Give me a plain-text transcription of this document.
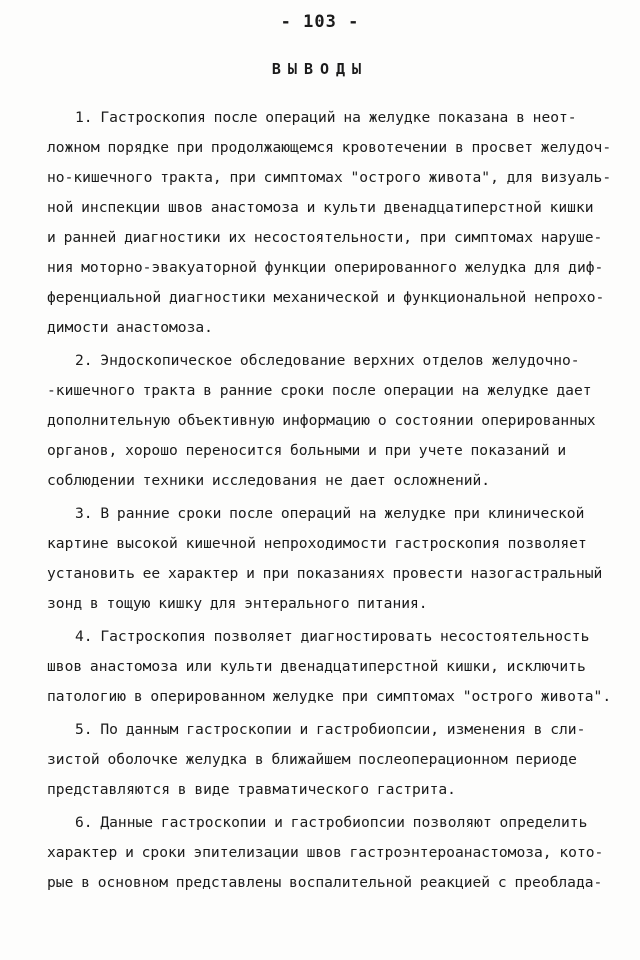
- 103 -
ВЫВОДЫ
1. Гастроскопия после операций на желудке показана в неот-
ложном порядке при продолжающемся кровотечении в просвет желудоч-
но-кишечного тракта, при симптомах "острого живота", для визуаль-
ной инспекции швов анастомоза и культи двенадцатиперстной кишки
и ранней диагностики их несостоятельности, при симптомах наруше-
ния моторно-эвакуаторной функции оперированного желудка для диф-
ференциальной диагностики механической и функциональной непрохо-
димости анастомоза.
2. Эндоскопическое обследование верхних отделов желудочно-
-кишечного тракта в ранние сроки после операции на желудке дает
дополнительную объективную информацию о состоянии оперированных
органов, хорошо переносится больными и при учете показаний и
соблюдении техники исследования не дает осложнений.
3. В ранние сроки после операций на желудке при клинической
картине высокой кишечной непроходимости гастроскопия позволяет
установить ее характер и при показаниях провести назогастральный
зонд в тощую кишку для энтерального питания.
4. Гастроскопия позволяет диагностировать несостоятельность
швов анастомоза или культи двенадцатиперстной кишки, исключить
патологию в оперированном желудке при симптомах "острого живота".
5. По данным гастроскопии и гастробиопсии, изменения в сли-
зистой оболочке желудка в ближайшем послеоперационном периоде
представляются в виде травматического гастрита.
6. Данные гастроскопии и гастробиопсии позволяют определить
характер и сроки эпителизации швов гастроэнтероанастомоза, кото-
рые в основном представлены воспалительной реакцией с преоблада-
